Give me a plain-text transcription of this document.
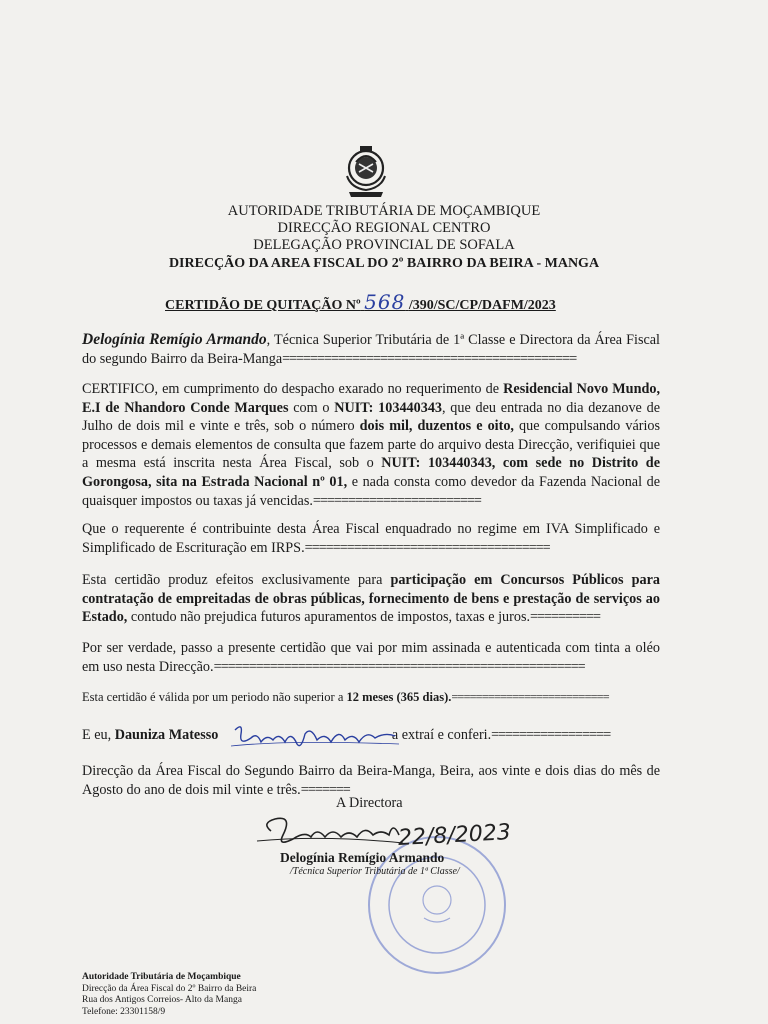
AUTORIDADE TRIBUTÁRIA DE MOÇAMBIQUE
DIRECÇÃO REGIONAL CENTRO
DELEGAÇÃO PROVINCIAL DE SOFALA
DIRECÇÃO DA AREA FISCAL DO 2º BAIRRO DA BEIRA - MANGA
CERTIDÃO DE QUITAÇÃO Nº 568 /390/SC/CP/DAFM/2023
Delogínia Remígio Armando, Técnica Superior Tributária de 1ª Classe e Directora da Área Fiscal do segundo Bairro da Beira-Manga==========================================
CERTIFICO, em cumprimento do despacho exarado no requerimento de Residencial Novo Mundo, E.I de Nhandoro Conde Marques com o NUIT: 103440343, que deu entrada no dia dezanove de Julho de dois mil e vinte e três, sob o número dois mil, duzentos e oito, que compulsando vários processos e demais elementos de consulta que fazem parte do arquivo desta Direcção, verifiquiei que a mesma está inscrita nesta Área Fiscal, sob o NUIT: 103440343, com sede no Distrito de Gorongosa, sita na Estrada Nacional nº 01, e nada consta como devedor da Fazenda Nacional de quaisquer impostos ou taxas já vencidas.========================
Que o requerente é contribuinte desta Área Fiscal enquadrado no regime em IVA Simplificado e Simplificado de Escrituração em IRPS.===================================
Esta certidão produz efeitos exclusivamente para participação em Concursos Públicos para contratação de empreitadas de obras públicas, fornecimento de bens e prestação de serviços ao Estado, contudo não prejudica futuros apuramentos de impostos, taxas e juros.==========
Por ser verdade, passo a presente certidão que vai por mim assinada e autenticada com tinta a oléo em uso nesta Direcção.=====================================================
Esta certidão é válida por um periodo não superior a 12 meses (365 dias).==========================
E eu, Dauniza Matesso	a extraí e conferi.=================
Direcção da Área Fiscal do Segundo Bairro da Beira-Manga, Beira, aos vinte e dois dias do mês de Agosto do ano de dois mil vinte e três.=======
A Directora
22/8/2023
Delogínia Remígio Armando
/Técnica Superior Tributária de 1ª Classe/
Autoridade Tributária de Moçambique
Direcção da Área Fiscal do 2º Bairro da Beira
Rua dos Antigos Correios- Alto da Manga
Telefone: 23301158/9
